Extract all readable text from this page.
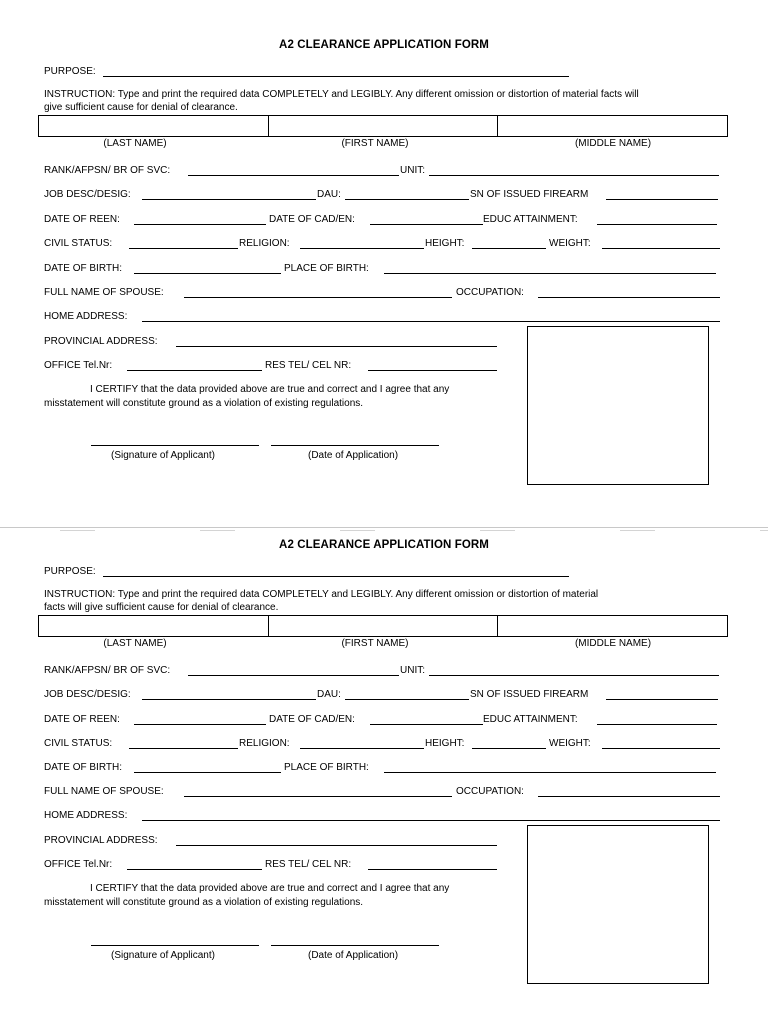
A2 CLEARANCE APPLICATION FORM
PURPOSE:
INSTRUCTION: Type and print the required data COMPLETELY and LEGIBLY. Any different omission or distortion of material facts will
give sufficient cause for denial of clearance.
(LAST NAME)	(FIRST NAME)	(MIDDLE NAME)
RANK/AFPSN/ BR OF SVC:	UNIT:
JOB DESC/DESIG:	DAU:	SN OF ISSUED FIREARM
DATE OF REEN:	DATE OF CAD/EN:	EDUC ATTAINMENT:
CIVIL STATUS:	RELIGION:	HEIGHT:	WEIGHT:
DATE OF BIRTH:	PLACE OF BIRTH:
FULL NAME OF SPOUSE:	OCCUPATION:
HOME ADDRESS:
PROVINCIAL ADDRESS:
OFFICE Tel.Nr:	RES TEL/ CEL NR:
I CERTIFY that the data provided above are true and correct and I agree that any
misstatement will constitute ground as a violation of existing regulations.
(Signature of Applicant)	(Date of Application)
A2 CLEARANCE APPLICATION FORM
PURPOSE:
INSTRUCTION: Type and print the required data COMPLETELY and LEGIBLY. Any different omission or distortion of material
facts will give sufficient cause for denial of clearance.
(LAST NAME)	(FIRST NAME)	(MIDDLE NAME)
RANK/AFPSN/ BR OF SVC:	UNIT:
JOB DESC/DESIG:	DAU:	SN OF ISSUED FIREARM
DATE OF REEN:	DATE OF CAD/EN:	EDUC ATTAINMENT:
CIVIL STATUS:	RELIGION:	HEIGHT:	WEIGHT:
DATE OF BIRTH:	PLACE OF BIRTH:
FULL NAME OF SPOUSE:	OCCUPATION:
HOME ADDRESS:
PROVINCIAL ADDRESS:
OFFICE Tel.Nr:	RES TEL/ CEL NR:
I CERTIFY that the data provided above are true and correct and I agree that any
misstatement will constitute ground as a violation of existing regulations.
(Signature of Applicant)	(Date of Application)
